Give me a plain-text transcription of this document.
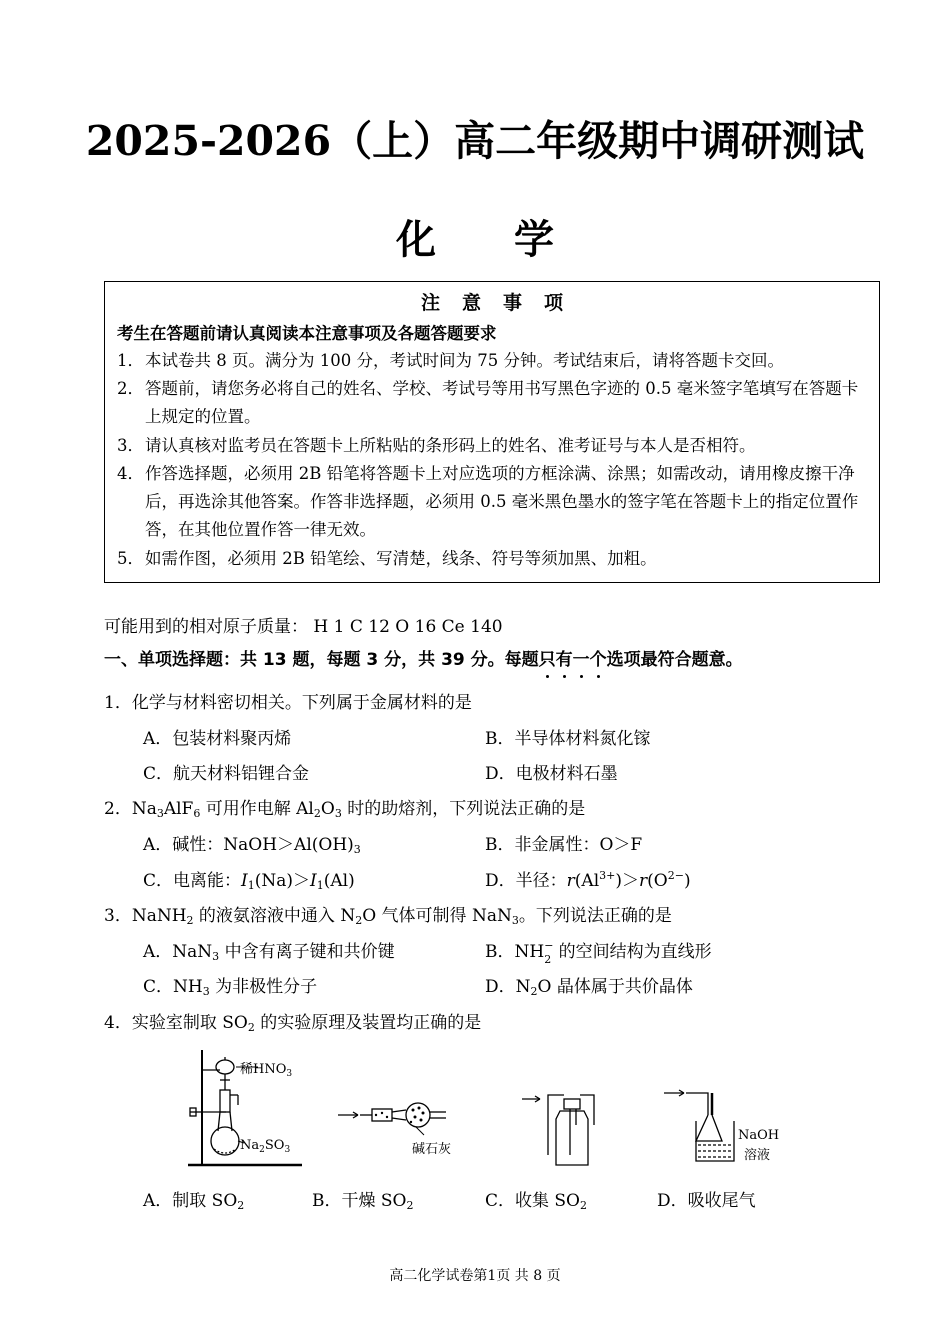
2025-2026（上）高二年级期中调研测试
化 学
注意事项
考生在答题前请认真阅读本注意事项及各题答题要求
1． 本试卷共 8 页。满分为 100 分，考试时间为 75 分钟。考试结束后，请将答题卡交回。
2． 答题前，请您务必将自己的姓名、学校、考试号等用书写黑色字迹的 0.5 毫米签字笔填写在答题卡上规定的位置。
3． 请认真核对监考员在答题卡上所粘贴的条形码上的姓名、准考证号与本人是否相符。
4． 作答选择题，必须用 2B 铅笔将答题卡上对应选项的方框涂满、涂黑；如需改动，请用橡皮擦干净后，再选涂其他答案。作答非选择题，必须用 0.5 毫米黑色墨水的签字笔在答题卡上的指定位置作答，在其他位置作答一律无效。
5． 如需作图，必须用 2B 铅笔绘、写清楚，线条、符号等须加黑、加粗。
可能用到的相对原子质量： H 1 C 12 O 16 Ce 140
一、单项选择题：共 13 题，每题 3 分，共 39 分。每题只有一个
选项最符合题意。
1．化学与材料密切相关。下列属于金属材料的是
A．包装材料聚丙烯	B．半导体材料氮化镓
C．航天材料铝锂合金	D．电极材料石墨
2．$Na_3AlF_6$ 可用作电解 $Al_2O_3$ 时的助熔剂，下列说法正确的是
A．碱性：$NaOH>Al(OH)_3$	B．非金属性：O＞F
C．电离能：$I_1(Na)>I_1(Al)$	D．半径：$r(Al^{3+})>r(O^{2-})$
3．NaNH$_2$ 的液氨溶液中通入 $N_2O$ 气体可制得 NaN$_3$。下列说法正确的是
A．NaN$_3$ 中含有离子键和共价键	B．NH −
2 的空间结构为直线形
C．$NH_3$ 为非极性分子	D．$N_2O$ 晶体属于共价晶体
4．实验室制取 $SO_2$ 的实验原理及装置均正确的是
稀$HNO_3$
$Na_2SO_3$	碱石灰
NaOH
溶液
A．制取 $SO_2$	B．干燥 $SO_2$	C．收集 $SO_2$	D．吸收尾气
高二化学试卷第1页 共 8 页
